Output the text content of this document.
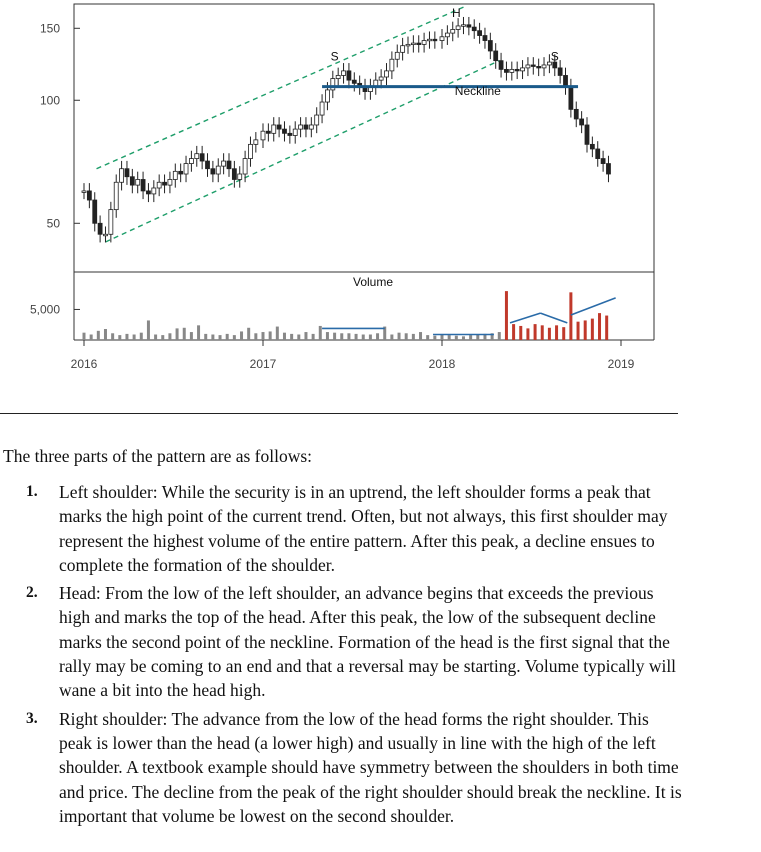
150
100
50
S
H
S
Neckline
Volume
5,000
2016	2017	2018	2019

The three parts of the pattern are as follows:

1. Left shoulder: While the security is in an uptrend, the left shoulder forms a peak that marks the high point of the current trend. Often, but not always, this first shoulder may represent the highest volume of the entire pattern. After this peak, a decline ensues to complete the formation of the shoulder.
2. Head: From the low of the left shoulder, an advance begins that exceeds the previous high and marks the top of the head. After this peak, the low of the subsequent decline marks the second point of the neckline. Formation of the head is the first signal that the rally may be coming to an end and that a reversal may be starting. Volume typically will wane a bit into the head high.
3. Right shoulder: The advance from the low of the head forms the right shoulder. This peak is lower than the head (a lower high) and usually in line with the high of the left shoulder. A textbook example should have symmetry between the shoulders in both time and price. The decline from the peak of the right shoulder should break the neckline. It is important that volume be lowest on the second shoulder.
